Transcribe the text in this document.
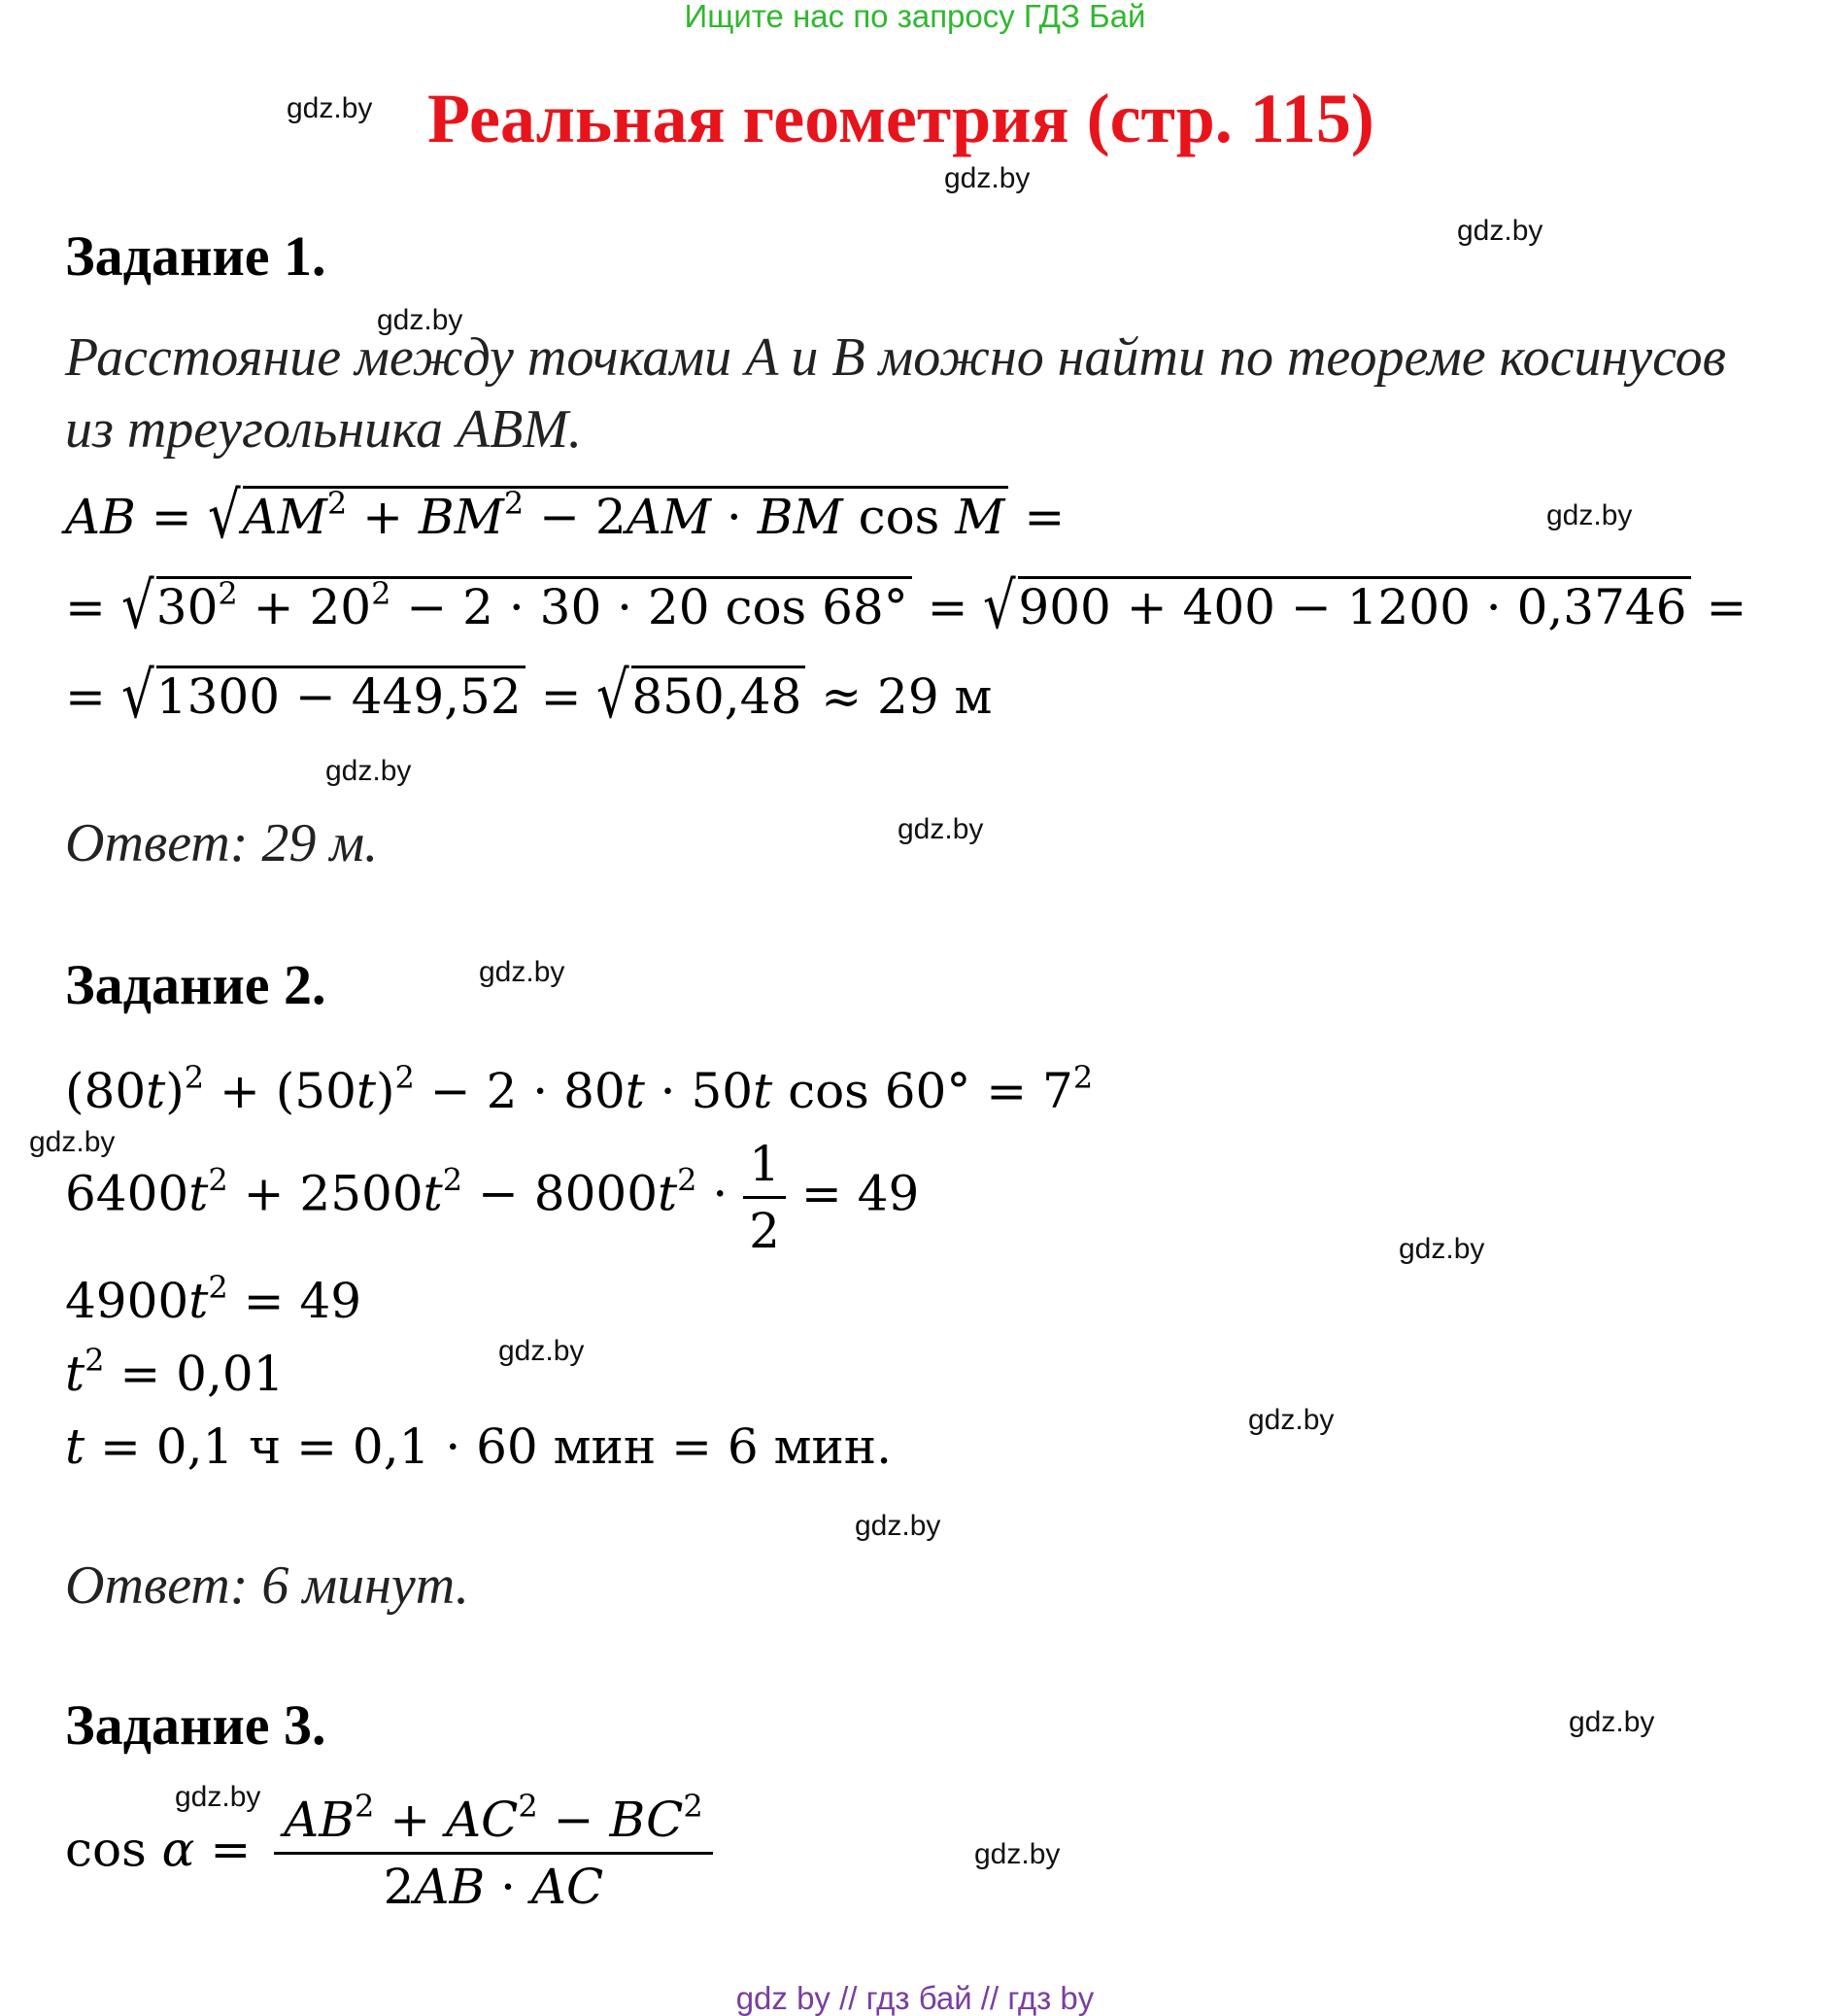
Ищите нас по запросу ГДЗ Бай
Реальная геометрия (стр. 115)
gdz.by
gdz.by
gdz.by
gdz.by
gdz.by
gdz.by
gdz.by
gdz.by
gdz.by
gdz.by
gdz.by
gdz.by
gdz.by
gdz.by
gdz.by
gdz.by
Задание 1.
Расстояние между точками A и B можно найти по теореме косинусов
из треугольника ABM.
AB = √ $AM^2 + BM^2 - 2AM$ · BM cos M =
= √ $30^2 + 20^2 - 2 \cdot 30 \cdot 20$ cos 68° = √ 900 + 400 − 1200 · 0,3746 =
= √ 1300 − 449,52 = √ 850,48 ≈ 29 м
Ответ: 29 м.
Задание 2.
$(80t)^2 + (50t)^2 - 2 \cdot 80t \cdot 50t$ $\cos 60^\circ = 7^2$
$6400t^2 + 2500t^2 - 8000t^2 \cdot \frac{1}{2} = 49$
$4900t^2 = 49$
$t^2 = 0,01$
t = 0,1 ч = 0,1 · 60 мин = 6 мин.
Ответ: 6 минут.
Задание 3.
$\cos \alpha = \frac{AB^2 + AC^2 - BC^2}{2AB \cdot AC}$
gdz by // гдз бай // гдз by
